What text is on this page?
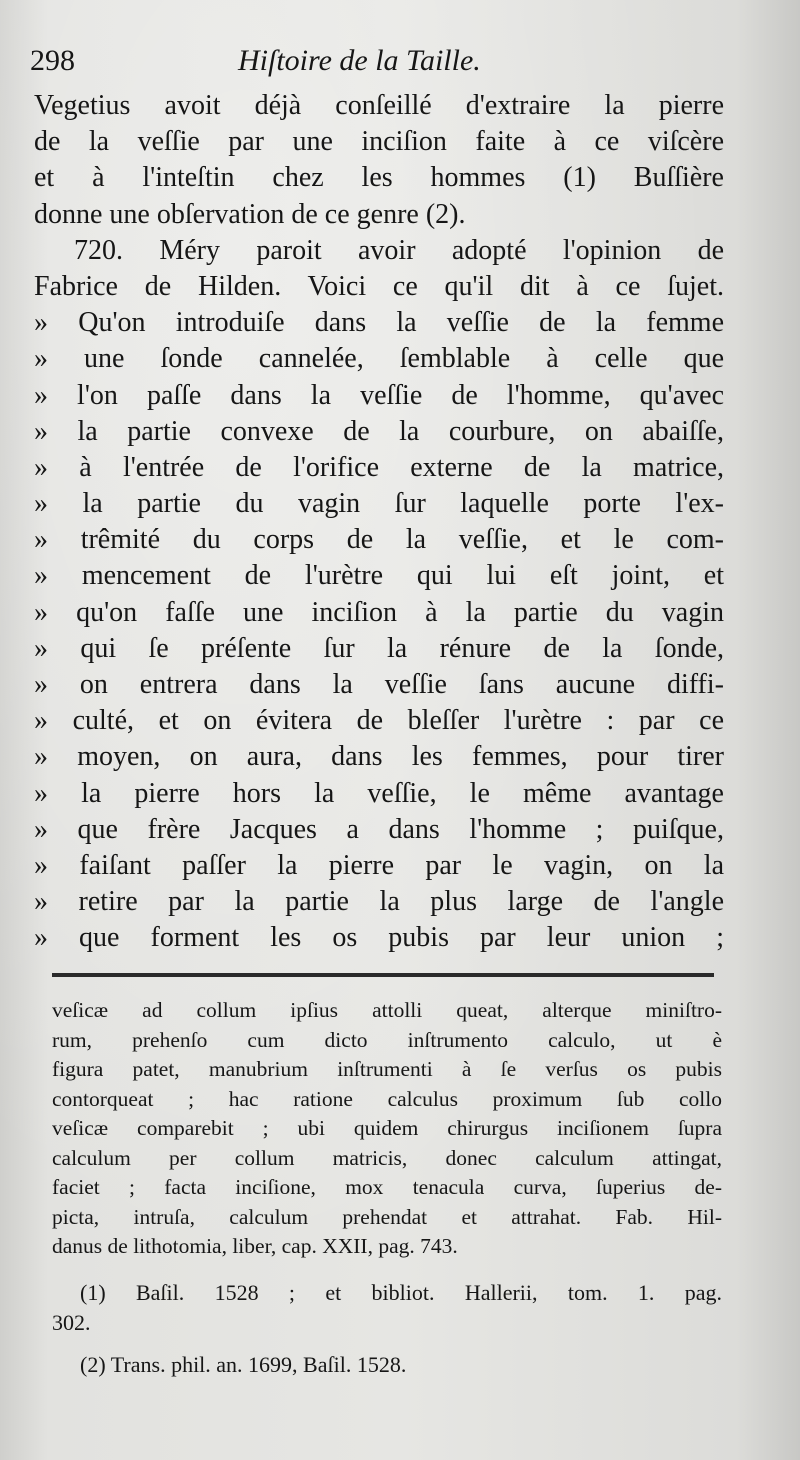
298	Hiſtoire de la Taille.
Vegetius avoit déjà conſeillé d'extraire la pierre
de la veſſie par une inciſion faite à ce viſcère
et à l'inteſtin chez les hommes (1) Buſſière
donne une obſervation de ce genre (2).
720. Méry paroit avoir adopté l'opinion de
Fabrice de Hilden. Voici ce qu'il dit à ce ſujet.
» Qu'on introduiſe dans la veſſie de la femme
» une ſonde cannelée, ſemblable à celle que
» l'on paſſe dans la veſſie de l'homme, qu'avec
» la partie convexe de la courbure, on abaiſſe,
» à l'entrée de l'orifice externe de la matrice,
» la partie du vagin ſur laquelle porte l'ex-
» trêmité du corps de la veſſie, et le com-
» mencement de l'urètre qui lui eſt joint, et
» qu'on faſſe une inciſion à la partie du vagin
» qui ſe préſente ſur la rénure de la ſonde,
» on entrera dans la veſſie ſans aucune diffi-
» culté, et on évitera de bleſſer l'urètre : par ce
» moyen, on aura, dans les femmes, pour tirer
» la pierre hors la veſſie, le même avantage
» que frère Jacques a dans l'homme ; puiſque,
» faiſant paſſer la pierre par le vagin, on la
» retire par la partie la plus large de l'angle
» que forment les os pubis par leur union ;
veſicæ ad collum ipſius attolli queat, alterque miniſtro-
rum, prehenſo cum dicto inſtrumento calculo, ut è
figura patet, manubrium inſtrumenti à ſe verſus os pubis
contorqueat ; hac ratione calculus proximum ſub collo
veſicæ comparebit ; ubi quidem chirurgus inciſionem ſupra
calculum per collum matricis, donec calculum attingat,
faciet ; facta inciſione, mox tenacula curva, ſuperius de-
picta, intruſa, calculum prehendat et attrahat. Fab. Hil-
danus de lithotomia, liber, cap. XXII, pag. 743.
(1) Baſil. 1528 ; et bibliot. Hallerii, tom. 1. pag.
302.
(2) Trans. phil. an. 1699, Baſil. 1528.
